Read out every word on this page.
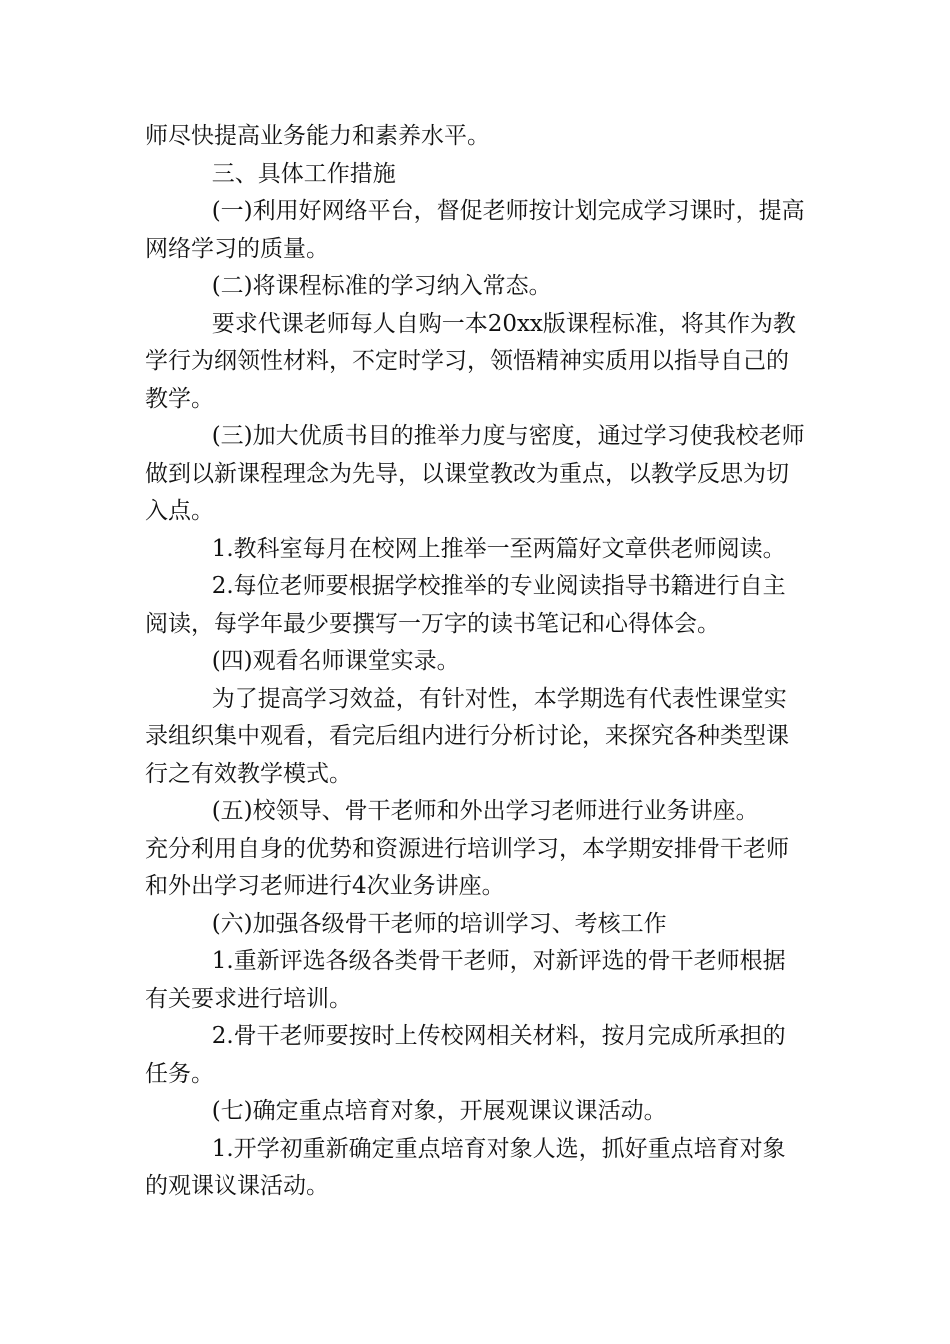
师尽快提高业务能力和素养水平。

三、具体工作措施

(一)利用好网络平台，督促老师按计划完成学习课时，提高网络学习的质量。

(二)将课程标准的学习纳入常态。

要求代课老师每人自购一本20xx版课程标准，将其作为教学行为纲领性材料，不定时学习，领悟精神实质用以指导自己的教学。

(三)加大优质书目的推举力度与密度，通过学习使我校老师做到以新课程理念为先导，以课堂教改为重点，以教学反思为切入点。

1.教科室每月在校网上推举一至两篇好文章供老师阅读。

2.每位老师要根据学校推举的专业阅读指导书籍进行自主阅读，每学年最少要撰写一万字的读书笔记和心得体会。

(四)观看名师课堂实录。

为了提高学习效益，有针对性，本学期选有代表性课堂实录组织集中观看，看完后组内进行分析讨论，来探究各种类型课行之有效教学模式。

(五)校领导、骨干老师和外出学习老师进行业务讲座。

充分利用自身的优势和资源进行培训学习，本学期安排骨干老师和外出学习老师进行4次业务讲座。

(六)加强各级骨干老师的培训学习、考核工作

1.重新评选各级各类骨干老师，对新评选的骨干老师根据有关要求进行培训。

2.骨干老师要按时上传校网相关材料，按月完成所承担的任务。

(七)确定重点培育对象，开展观课议课活动。

1.开学初重新确定重点培育对象人选，抓好重点培育对象的观课议课活动。
